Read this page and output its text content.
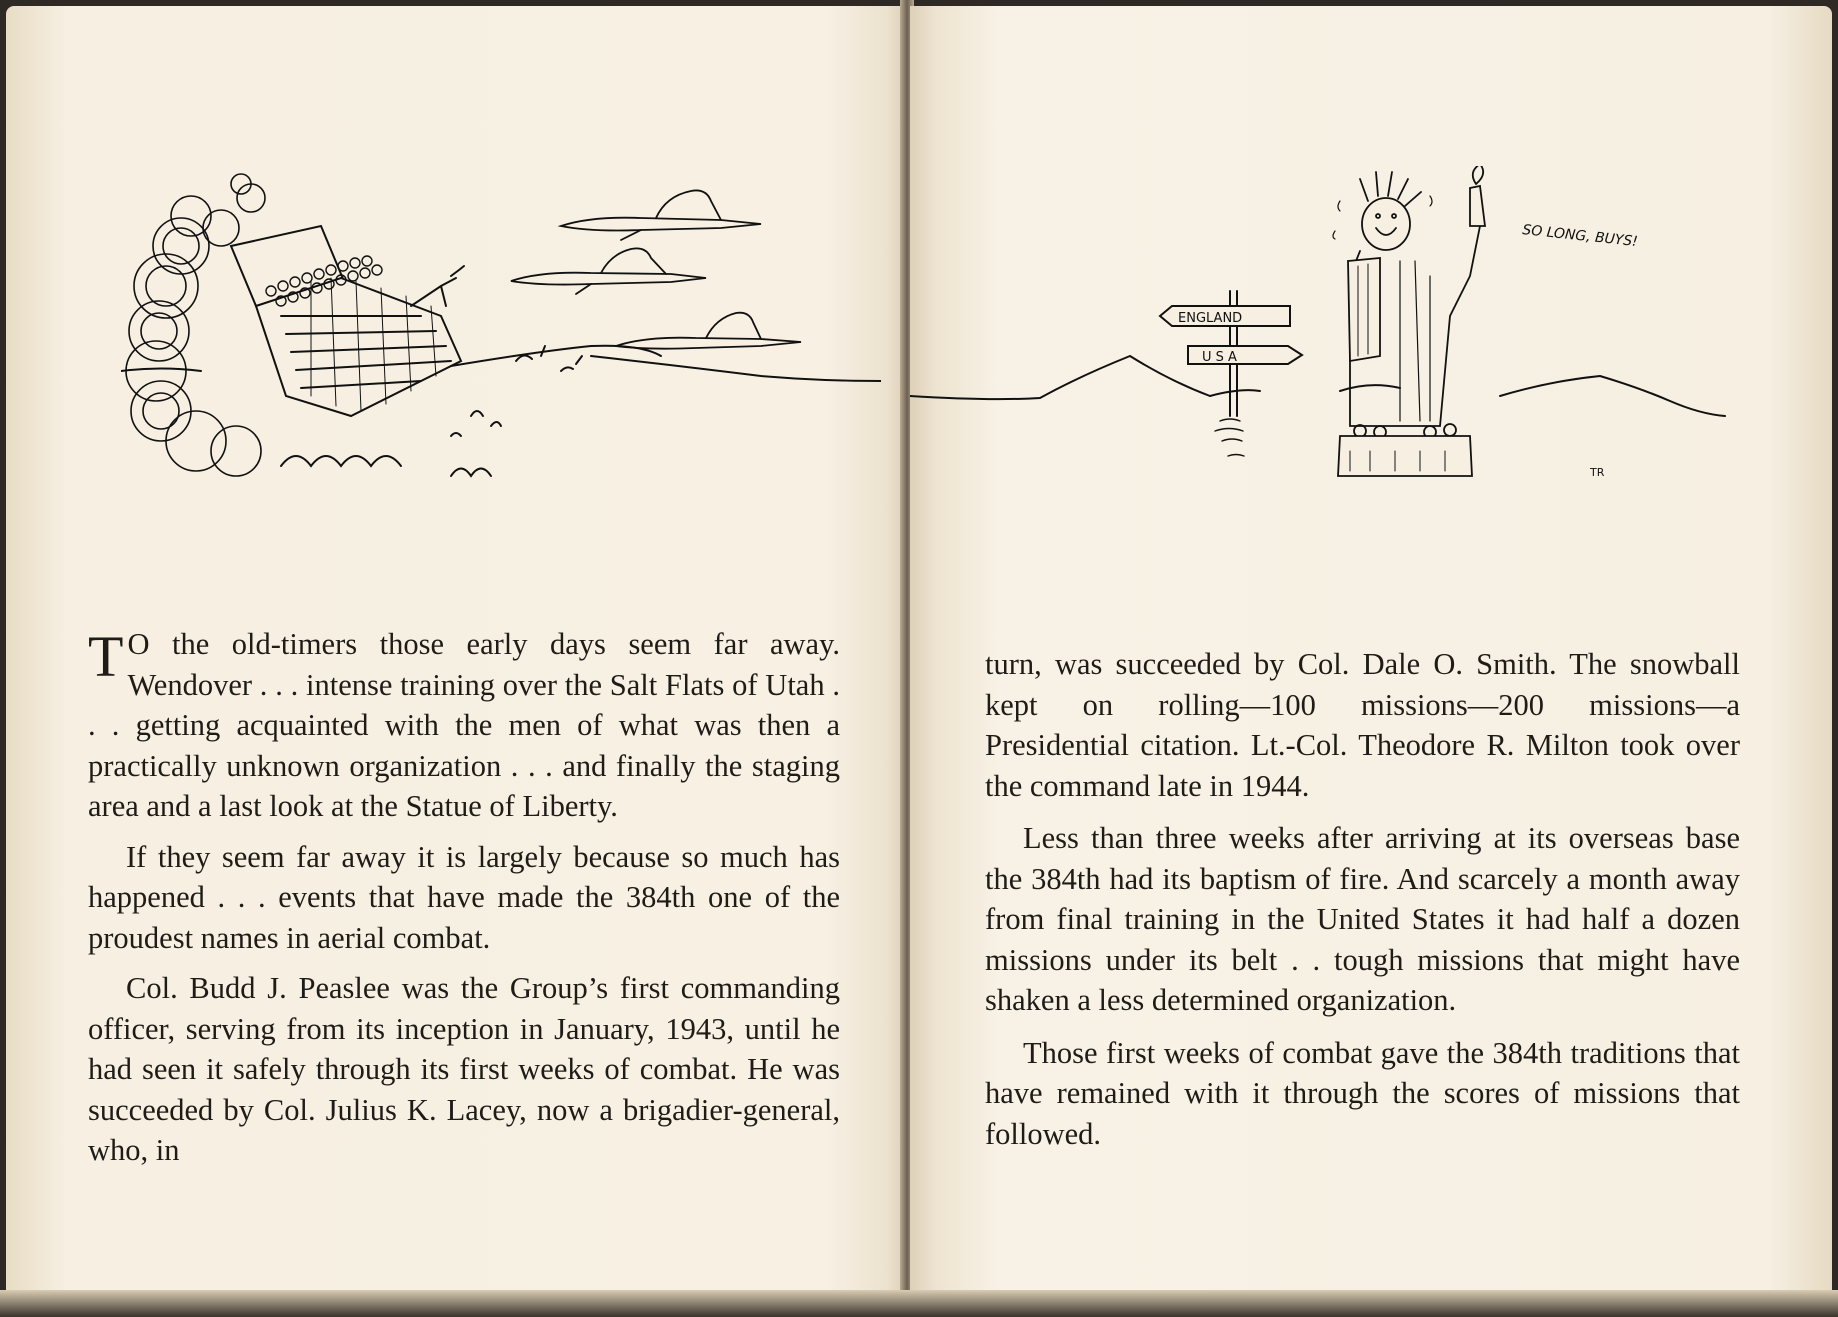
T O the old-timers those early days seem far away. Wendover . . . intense training over the Salt Flats of Utah . . . getting acquainted with the men of what was then a practically unknown organization . . . and finally the staging area and a last look at the Statue of Liberty.

If they seem far away it is largely because so much has happened . . . events that have made the 384th one of the proudest names in aerial combat.

Col. Budd J. Peaslee was the Group’s first commanding officer, serving from its inception in January, 1943, until he had seen it safely through its first weeks of combat. He was succeeded by Col. Julius K. Lacey, now a brigadier-general, who, in

ENGLAND
U S A
SO LONG, BUYS!
TR

turn, was succeeded by Col. Dale O. Smith. The snowball kept on rolling—100 missions—200 missions—a Presidential citation. Lt.-Col. Theodore R. Milton took over the command late in 1944.

Less than three weeks after arriving at its overseas base the 384th had its baptism of fire. And scarcely a month away from final training in the United States it had half a dozen missions under its belt . . tough missions that might have shaken a less determined organization.

Those first weeks of combat gave the 384th traditions that have remained with it through the scores of missions that followed.
